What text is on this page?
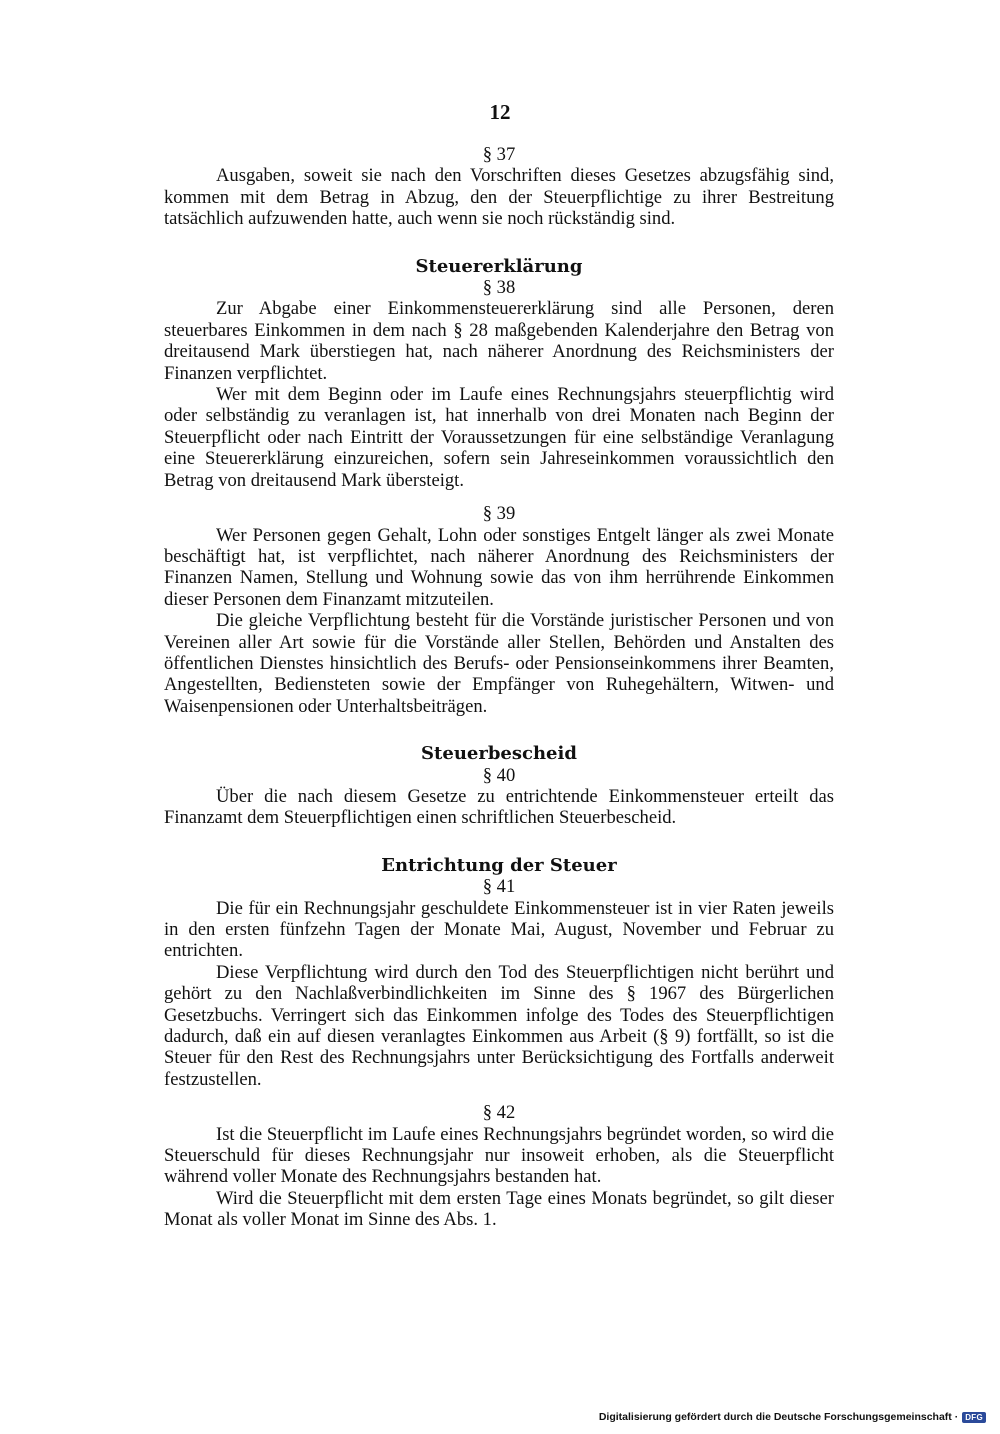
12

§ 37

Ausgaben, soweit sie nach den Vorschriften dieses Gesetzes abzugsfähig sind, kommen mit dem Betrag in Abzug, den der Steuerpflichtige zu ihrer Bestreitung tatsächlich aufzuwenden hatte, auch wenn sie noch rückständig sind.

Steuererklärung

§ 38

Zur Abgabe einer Einkommensteuererklärung sind alle Personen, deren steuerbares Einkommen in dem nach § 28 maßgebenden Kalenderjahre den Betrag von dreitausend Mark überstiegen hat, nach näherer Anordnung des Reichsministers der Finanzen verpflichtet.

Wer mit dem Beginn oder im Laufe eines Rechnungsjahrs steuerpflichtig wird oder selbständig zu veranlagen ist, hat innerhalb von drei Monaten nach Beginn der Steuerpflicht oder nach Eintritt der Voraussetzungen für eine selbständige Veranlagung eine Steuererklärung einzureichen, sofern sein Jahreseinkommen voraussichtlich den Betrag von dreitausend Mark übersteigt.

§ 39

Wer Personen gegen Gehalt, Lohn oder sonstiges Entgelt länger als zwei Monate beschäftigt hat, ist verpflichtet, nach näherer Anordnung des Reichsministers der Finanzen Namen, Stellung und Wohnung sowie das von ihm herrührende Einkommen dieser Personen dem Finanzamt mitzuteilen.

Die gleiche Verpflichtung besteht für die Vorstände juristischer Personen und von Vereinen aller Art sowie für die Vorstände aller Stellen, Behörden und Anstalten des öffentlichen Dienstes hinsichtlich des Berufs- oder Pensionseinkommens ihrer Beamten, Angestellten, Bediensteten sowie der Empfänger von Ruhegehältern, Witwen- und Waisenpensionen oder Unterhaltsbeiträgen.

Steuerbescheid

§ 40

Über die nach diesem Gesetze zu entrichtende Einkommensteuer erteilt das Finanzamt dem Steuerpflichtigen einen schriftlichen Steuerbescheid.

Entrichtung der Steuer

§ 41

Die für ein Rechnungsjahr geschuldete Einkommensteuer ist in vier Raten jeweils in den ersten fünfzehn Tagen der Monate Mai, August, November und Februar zu entrichten.

Diese Verpflichtung wird durch den Tod des Steuerpflichtigen nicht berührt und gehört zu den Nachlaßverbindlichkeiten im Sinne des § 1967 des Bürgerlichen Gesetzbuchs. Verringert sich das Einkommen infolge des Todes des Steuerpflichtigen dadurch, daß ein auf diesen veranlagtes Einkommen aus Arbeit (§ 9) fortfällt, so ist die Steuer für den Rest des Rechnungsjahrs unter Berücksichtigung des Fortfalls anderweit festzustellen.

§ 42

Ist die Steuerpflicht im Laufe eines Rechnungsjahrs begründet worden, so wird die Steuerschuld für dieses Rechnungsjahr nur insoweit erhoben, als die Steuerpflicht während voller Monate des Rechnungsjahrs bestanden hat.

Wird die Steuerpflicht mit dem ersten Tage eines Monats begründet, so gilt dieser Monat als voller Monat im Sinne des Abs. 1.

Digitalisierung gefördert durch die Deutsche Forschungsgemeinschaft · DFG
